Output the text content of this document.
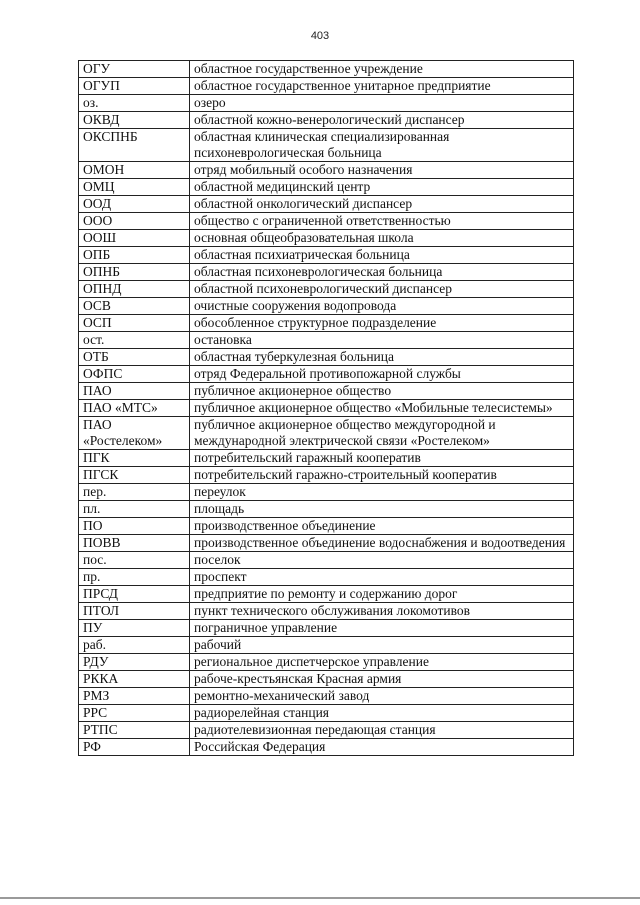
403
ОГУ	областное государственное учреждение
ОГУП	областное государственное унитарное предприятие
оз.	озеро
ОКВД	областной кожно-венерологический диспансер
ОКСПНБ	областная клиническая специализированная психоневрологическая больница
ОМОН	отряд мобильный особого назначения
ОМЦ	областной медицинский центр
ООД	областной онкологический диспансер
ООО	общество с ограниченной ответственностью
ООШ	основная общеобразовательная школа
ОПБ	областная психиатрическая больница
ОПНБ	областная психоневрологическая больница
ОПНД	областной психоневрологический диспансер
ОСВ	очистные сооружения водопровода
ОСП	обособленное структурное подразделение
ост.	остановка
ОТБ	областная туберкулезная больница
ОФПС	отряд Федеральной противопожарной службы
ПАО	публичное акционерное общество
ПАО «МТС»	публичное акционерное общество «Мобильные телесистемы»
ПАО «Ростелеком»	публичное акционерное общество междугородной и международной электрической связи «Ростелеком»
ПГК	потребительский гаражный кооператив
ПГСК	потребительский гаражно-строительный кооператив
пер.	переулок
пл.	площадь
ПО	производственное объединение
ПОВВ	производственное объединение водоснабжения и водоотведения
пос.	поселок
пр.	проспект
ПРСД	предприятие по ремонту и содержанию дорог
ПТОЛ	пункт технического обслуживания локомотивов
ПУ	пограничное управление
раб.	рабочий
РДУ	региональное диспетчерское управление
РККА	рабоче-крестьянская Красная армия
РМЗ	ремонтно-механический завод
РРС	радиорелейная станция
РТПС	радиотелевизионная передающая станция
РФ	Российская Федерация
